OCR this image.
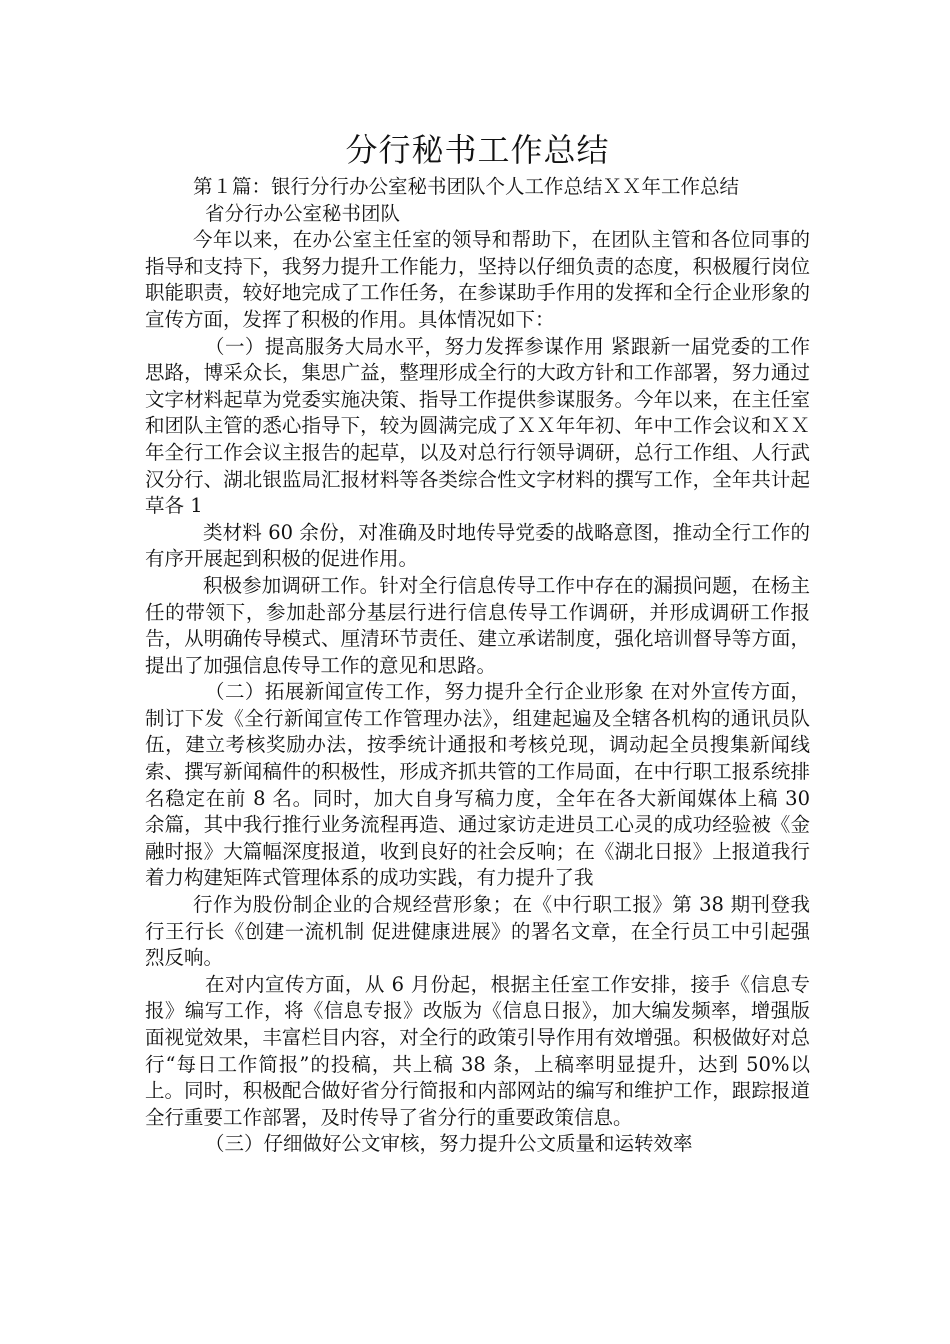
分行秘书工作总结

第１篇：银行分行办公室秘书团队个人工作总结ＸＸ年工作总结

省分行办公室秘书团队

今年以来，在办公室主任室的领导和帮助下，在团队主管和各位同事的指导和支持下，我努力提升工作能力，坚持以仔细负责的态度，积极履行岗位职能职责，较好地完成了工作任务，在参谋助手作用的发挥和全行企业形象的宣传方面，发挥了积极的作用。具体情况如下：

（一）提高服务大局水平，努力发挥参谋作用 紧跟新一届党委的工作思路，博采众长，集思广益，整理形成全行的大政方针和工作部署，努力通过文字材料起草为党委实施决策、指导工作提供参谋服务。今年以来，在主任室和团队主管的悉心指导下，较为圆满完成了ＸＸ年年初、年中工作会议和ＸＸ年全行工作会议主报告的起草，以及对总行行领导调研，总行工作组、人行武汉分行、湖北银监局汇报材料等各类综合性文字材料的撰写工作，全年共计起草各 1

类材料 60 余份，对准确及时地传导党委的战略意图，推动全行工作的有序开展起到积极的促进作用。

积极参加调研工作。针对全行信息传导工作中存在的漏损问题，在杨主任的带领下，参加赴部分基层行进行信息传导工作调研，并形成调研工作报告，从明确传导模式、厘清环节责任、建立承诺制度，强化培训督导等方面，提出了加强信息传导工作的意见和思路。

（二）拓展新闻宣传工作，努力提升全行企业形象 在对外宣传方面，制订下发《全行新闻宣传工作管理办法》，组建起遍及全辖各机构的通讯员队伍，建立考核奖励办法，按季统计通报和考核兑现，调动起全员搜集新闻线索、撰写新闻稿件的积极性，形成齐抓共管的工作局面，在中行职工报系统排名稳定在前 8 名。同时，加大自身写稿力度，全年在各大新闻媒体上稿 30 余篇，其中我行推行业务流程再造、通过家访走进员工心灵的成功经验被《金融时报》大篇幅深度报道，收到良好的社会反响；在《湖北日报》上报道我行着力构建矩阵式管理体系的成功实践，有力提升了我

行作为股份制企业的合规经营形象；在《中行职工报》第 38 期刊登我行王行长《创建一流机制 促进健康进展》的署名文章，在全行员工中引起强烈反响。

在对内宣传方面，从 6 月份起，根据主任室工作安排，接手《信息专报》编写工作，将《信息专报》改版为《信息日报》，加大编发频率，增强版面视觉效果，丰富栏目内容，对全行的政策引导作用有效增强。积极做好对总行“每日工作简报”的投稿，共上稿 38 条，上稿率明显提升，达到 50%以上。同时，积极配合做好省分行简报和内部网站的编写和维护工作，跟踪报道全行重要工作部署，及时传导了省分行的重要政策信息。

（三）仔细做好公文审核，努力提升公文质量和运转效率
